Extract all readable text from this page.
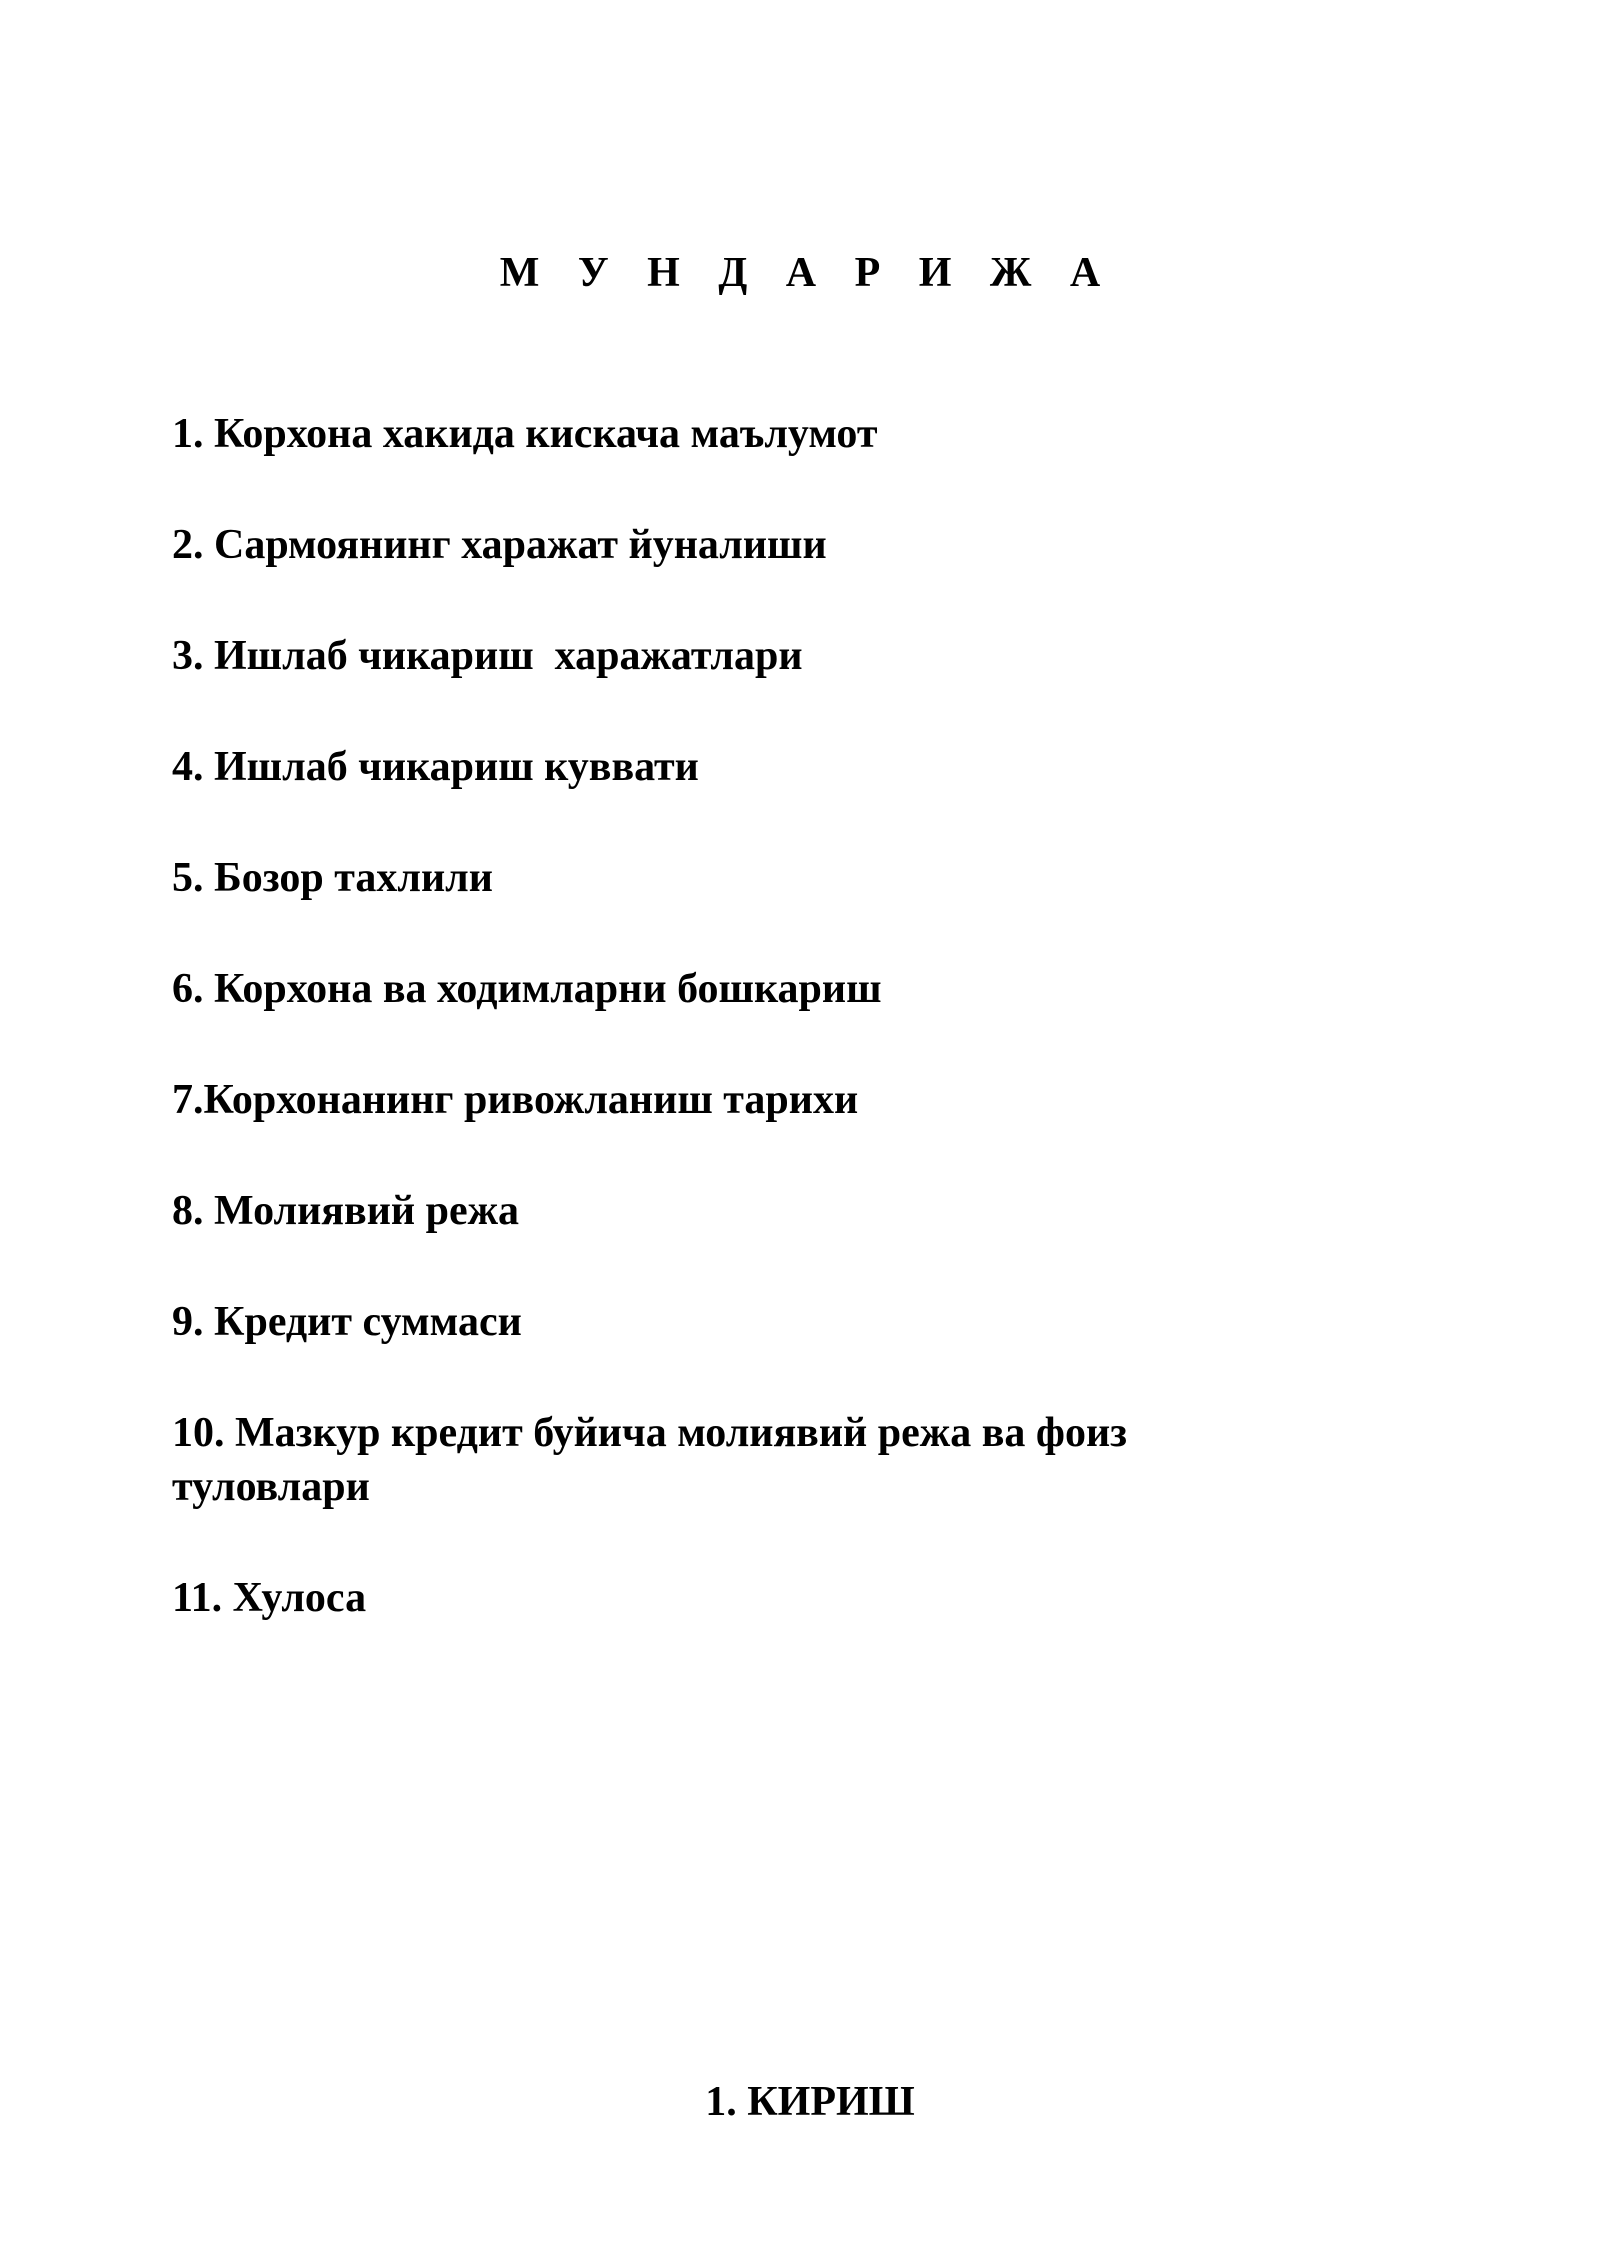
М У Н Д А Р И Ж А
1. Корхона хакида кискача маълумот
2. Сармоянинг харажат йуналиши
3. Ишлаб чикариш  харажатлари
4. Ишлаб чикариш куввати
5. Бозор тахлили
6. Корхона ва ходимларни бошкариш
7.Корхонанинг ривожланиш тарихи
8. Молиявий режа
9. Кредит суммаси
10. Мазкур кредит буйича молиявий режа ва фоиз туловлари
11. Хулоса
1. КИРИШ
